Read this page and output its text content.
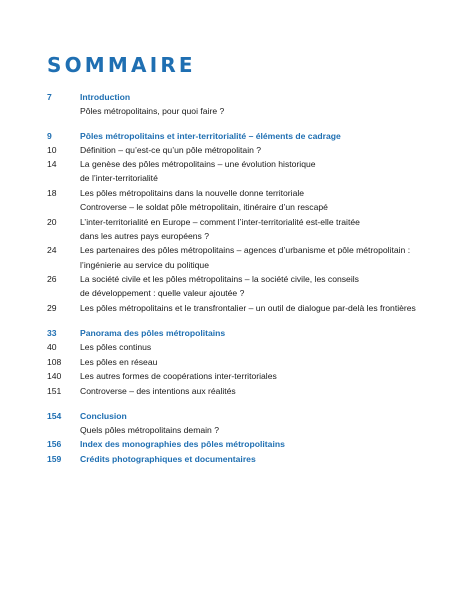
SOMMAIRE
7	Introduction
Pôles métropolitains, pour quoi faire ?
9	Pôles métropolitains et inter-territorialité – éléments de cadrage
10	Définition – qu’est-ce qu’un pôle métropolitain ?
14	La genèse des pôles métropolitains – une évolution historique
de l’inter-territorialité
18	Les pôles métropolitains dans la nouvelle donne territoriale
Controverse – le soldat pôle métropolitain, itinéraire d’un rescapé
20	L’inter-territorialité en Europe – comment l’inter-territorialité est-elle traitée
dans les autres pays européens ?
24	Les partenaires des pôles métropolitains – agences d’urbanisme et pôle métropolitain :
l’ingénierie au service du politique
26	La société civile et les pôles métropolitains – la société civile, les conseils
de développement : quelle valeur ajoutée ?
29	Les pôles métropolitains et le transfrontalier – un outil de dialogue par-delà les frontières
33	Panorama des pôles métropolitains
40	Les pôles continus
108	Les pôles en réseau
140	Les autres formes de coopérations inter-territoriales
151	Controverse – des intentions aux réalités
154	Conclusion
Quels pôles métropolitains demain ?
156	Index des monographies des pôles métropolitains
159	Crédits photographiques et documentaires
